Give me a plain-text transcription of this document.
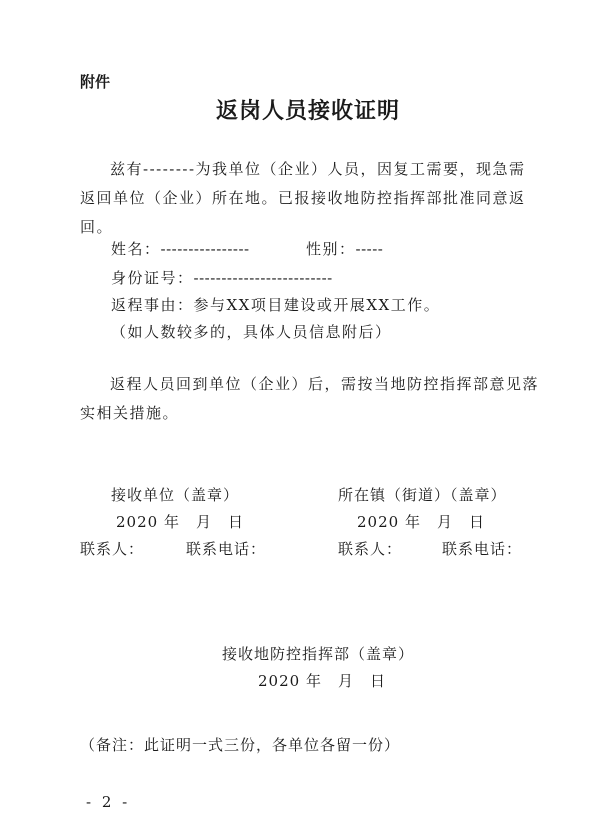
附件
返岗人员接收证明
兹有--------为我单位（企业）人员，因复工需要，现急需返回单位（企业）所在地。已报接收地防控指挥部批准同意返回。
姓名：----------------	性别：-----
身份证号：-------------------------
返程事由：参与XX项目建设或开展XX工作。
（如人数较多的，具体人员信息附后）
返程人员回到单位（企业）后，需按当地防控指挥部意见落实相关措施。
接收单位（盖章）	所在镇（街道）（盖章）
2020 年　月　日	2020 年　月　日
联系人：	联系电话：	联系人：	联系电话：
接收地防控指挥部（盖章）
2020 年　月　日
（备注：此证明一式三份，各单位各留一份）
- 2 -
